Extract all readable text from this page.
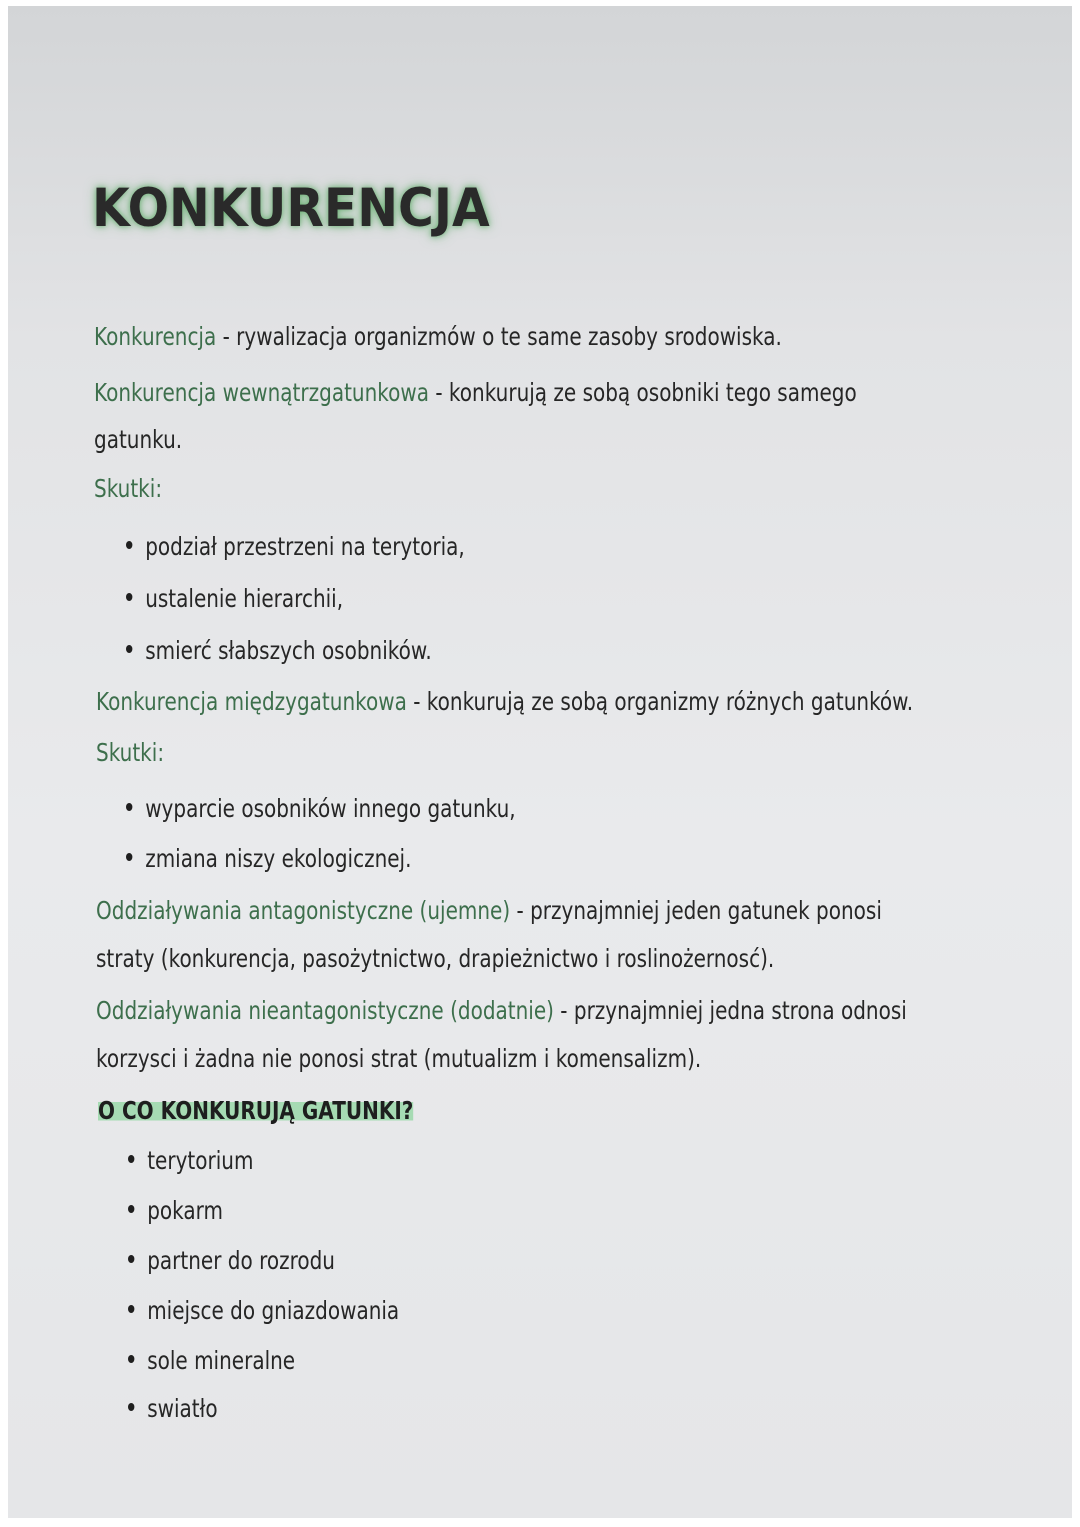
KONKURENCJA
Konkurencja - rywalizacja organizmów o te same zasoby srodowiska.
Konkurencja wewnątrzgatunkowa - konkurują ze sobą osobniki tego samego
gatunku.
Skutki:
podział przestrzeni na terytoria,
ustalenie hierarchii,
smierć słabszych osobników.
Konkurencja międzygatunkowa - konkurują ze sobą organizmy różnych gatunków.
Skutki:
wyparcie osobników innego gatunku,
zmiana niszy ekologicznej.
Oddziaływania antagonistyczne (ujemne) - przynajmniej jeden gatunek ponosi
straty (konkurencja, pasożytnictwo, drapieżnictwo i roslinożernosć).
Oddziaływania nieantagonistyczne (dodatnie) - przynajmniej jedna strona odnosi
korzysci i żadna nie ponosi strat (mutualizm i komensalizm).
O CO KONKURUJĄ GATUNKI?
terytorium
pokarm
partner do rozrodu
miejsce do gniazdowania
sole mineralne
swiatło
